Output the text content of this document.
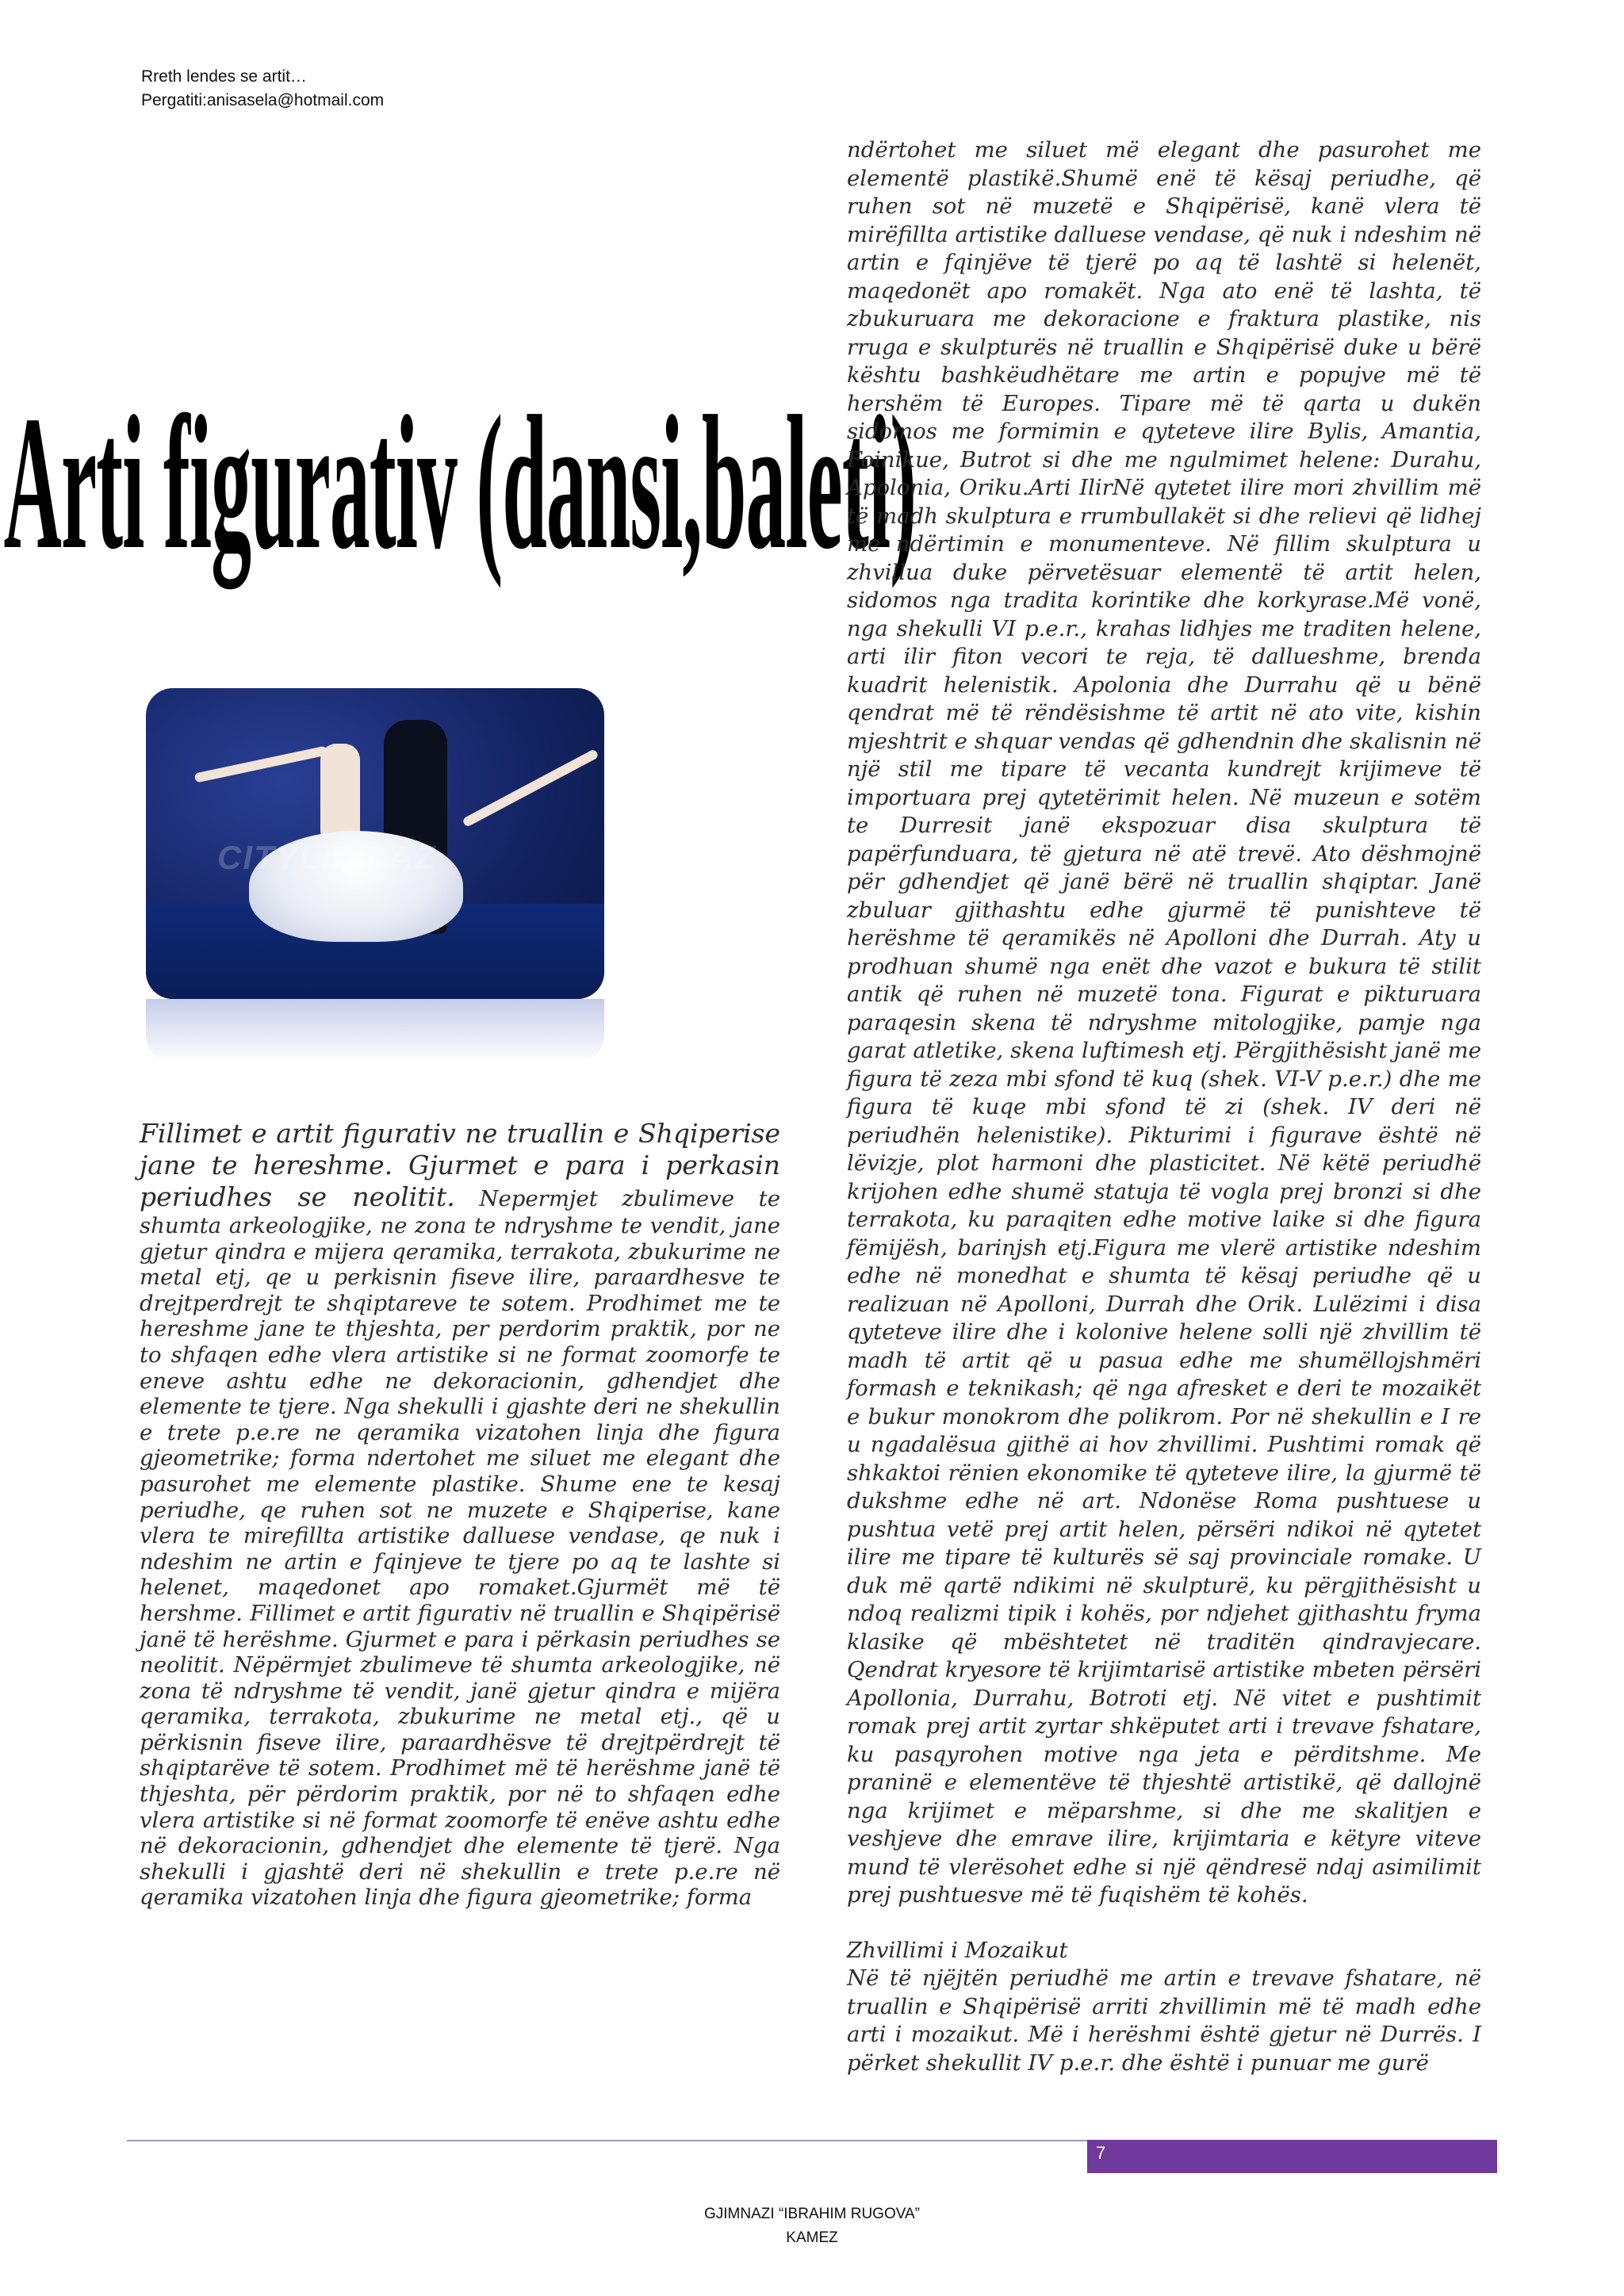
Rreth lendes se artit…
Pergatiti:anisasela@hotmail.com
Arti figurativ (dansi,baleti)
CITYLIFE.AZ
Fillimet e artit figurativ ne truallin e Shqiperise jane te hereshme. Gjurmet e para i perkasin periudhes se neolitit. Nepermjet zbulimeve te shumta arkeologjike, ne zona te ndryshme te vendit, jane gjetur qindra e mijera qeramika, terrakota, zbukurime ne metal etj, qe u perkisnin fiseve ilire, paraardhesve te drejtperdrejt te shqiptareve te sotem. Prodhimet me te hereshme jane te thjeshta, per perdorim praktik, por ne to shfaqen edhe vlera artistike si ne format zoomorfe te eneve ashtu edhe ne dekoracionin, gdhendjet dhe elemente te tjere. Nga shekulli i gjashte deri ne shekullin e trete p.e.re ne qeramika vizatohen linja dhe figura gjeometrike; forma ndertohet me siluet me elegant dhe pasurohet me elemente plastike. Shume ene te kesaj periudhe, qe ruhen sot ne muzete e Shqiperise, kane vlera te mirefillta artistike dalluese vendase, qe nuk i ndeshim ne artin e fqinjeve te tjere po aq te lashte si helenet, maqedonet apo romaket.Gjurmët më të hershme. Fillimet e artit figurativ në truallin e Shqipërisë janë të herëshme. Gjurmet e para i përkasin periudhes se neolitit. Nëpërmjet zbulimeve të shumta arkeologjike, në zona të ndryshme të vendit, janë gjetur qindra e mijëra qeramika, terrakota, zbukurime ne metal etj., që u përkisnin fiseve ilire, paraardhësve të drejtpërdrejt të shqiptarëve të sotem. Prodhimet më të herëshme janë të thjeshta, për përdorim praktik, por në to shfaqen edhe vlera artistike si në format zoomorfe të enëve ashtu edhe në dekoracionin, gdhendjet dhe elemente të tjerë. Nga shekulli i gjashtë deri në shekullin e trete p.e.re në qeramika vizatohen linja dhe figura gjeometrike; forma

ndërtohet me siluet më elegant dhe pasurohet me elementë plastikë.Shumë enë të kësaj periudhe, që ruhen sot në muzetë e Shqipërisë, kanë vlera të mirëfillta artistike dalluese vendase, që nuk i ndeshim në artin e fqinjëve të tjerë po aq të lashtë si helenët, maqedonët apo romakët. Nga ato enë të lashta, të zbukuruara me dekoracione e fraktura plastike, nis rruga e skulpturës në truallin e Shqipërisë duke u bërë kështu bashkëudhëtare me artin e popujve më të hershëm të Europes. Tipare më të qarta u dukën sidomos me formimin e qyteteve ilire Bylis, Amantia, Foinikue, Butrot si dhe me ngulmimet helene: Durahu, Apolonia, Oriku.Arti IlirNë qytetet ilire mori zhvillim më të madh skulptura e rrumbullakët si dhe relievi që lidhej me ndërtimin e monumenteve. Në fillim skulptura u zhvillua duke përvetësuar elementë të artit helen, sidomos nga tradita korintike dhe korkyrase.Më vonë, nga shekulli VI p.e.r., krahas lidhjes me traditen helene, arti ilir fiton vecori te reja, të dallueshme, brenda kuadrit helenistik. Apolonia dhe Durrahu që u bënë qendrat më të rëndësishme të artit në ato vite, kishin mjeshtrit e shquar vendas që gdhendnin dhe skalisnin në një stil me tipare të vecanta kundrejt krijimeve të importuara prej qytetërimit helen. Në muzeun e sotëm te Durresit janë ekspozuar disa skulptura të papërfunduara, të gjetura në atë trevë. Ato dëshmojnë për gdhendjet që janë bërë në truallin shqiptar. Janë zbuluar gjithashtu edhe gjurmë të punishteve të herëshme të qeramikës në Apolloni dhe Durrah. Aty u prodhuan shumë nga enët dhe vazot e bukura të stilit antik që ruhen në muzetë tona. Figurat e pikturuara paraqesin skena të ndryshme mitologjike, pamje nga garat atletike, skena luftimesh etj. Përgjithësisht janë me figura të zeza mbi sfond të kuq (shek. VI-V p.e.r.) dhe me figura të kuqe mbi sfond të zi (shek. IV deri në periudhën helenistike). Pikturimi i figurave është në lëvizje, plot harmoni dhe plasticitet. Në këtë periudhë krijohen edhe shumë statuja të vogla prej bronzi si dhe terrakota, ku paraqiten edhe motive laike si dhe figura fëmijësh, barinjsh etj.Figura me vlerë artistike ndeshim edhe në monedhat e shumta të kësaj periudhe që u realizuan në Apolloni, Durrah dhe Orik. Lulëzimi i disa qyteteve ilire dhe i kolonive helene solli një zhvillim të madh të artit që u pasua edhe me shumëllojshmëri formash e teknikash; që nga afresket e deri te mozaikët e bukur monokrom dhe polikrom. Por në shekullin e I re u ngadalësua gjithë ai hov zhvillimi. Pushtimi romak që shkaktoi rënien ekonomike të qyteteve ilire, la gjurmë të dukshme edhe në art. Ndonëse Roma pushtuese u pushtua vetë prej artit helen, përsëri ndikoi në qytetet ilire me tipare të kulturës së saj provinciale romake. U duk më qartë ndikimi në skulpturë, ku përgjithësisht u ndoq realizmi tipik i kohës, por ndjehet gjithashtu fryma klasike që mbështetet në traditën qindravjecare. Qendrat kryesore të krijimtarisë artistike mbeten përsëri Apollonia, Durrahu, Botroti etj. Në vitet e pushtimit romak prej artit zyrtar shkëputet arti i trevave fshatare, ku pasqyrohen motive nga jeta e përditshme. Me praninë e elementëve të thjeshtë artistikë, që dallojnë nga krijimet e mëparshme, si dhe me skalitjen e veshjeve dhe emrave ilire, krijimtaria e këtyre viteve mund të vlerësohet edhe si një qëndresë ndaj asimilimit prej pushtuesve më të fuqishëm të kohës.

Zhvillimi i Mozaikut

Në të njëjtën periudhë me artin e trevave fshatare, në truallin e Shqipërisë arriti zhvillimin më të madh edhe arti i mozaikut. Më i herëshmi është gjetur në Durrës. I përket shekullit IV p.e.r. dhe është i punuar me gurë

7
GJIMNAZI “IBRAHIM RUGOVA”
KAMEZ
